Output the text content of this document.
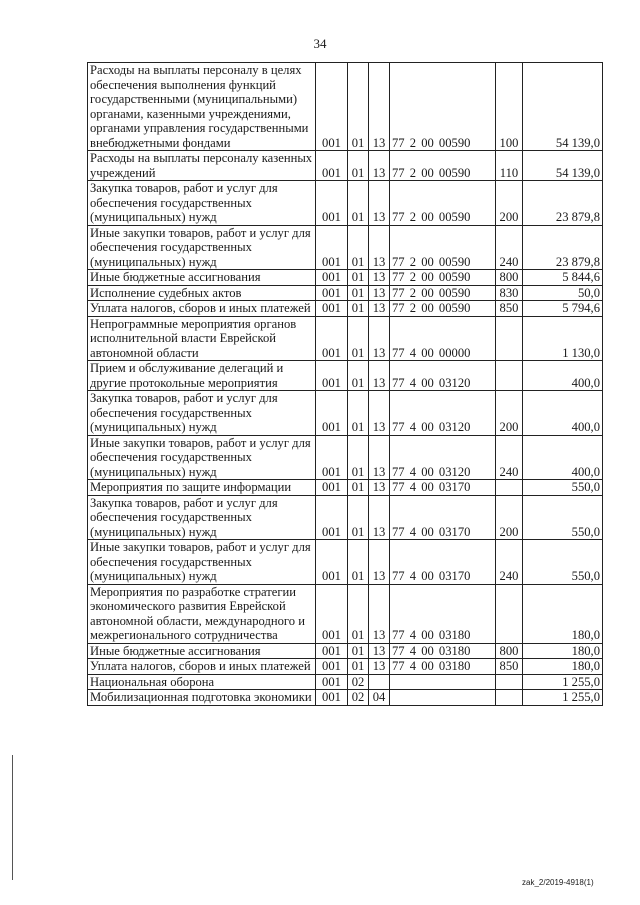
34
Расходы на выплаты персоналу в целях обеспечения выполнения функций государственными (муниципальными) органами, казенными учреждениями, органами управления государственными внебюджетными фондами	001	01	13	77 2 00 00590	100	54 139,0
Расходы на выплаты персоналу казенных учреждений	001	01	13	77 2 00 00590	110	54 139,0
Закупка товаров, работ и услуг для обеспечения государственных (муниципальных) нужд	001	01	13	77 2 00 00590	200	23 879,8
Иные закупки товаров, работ и услуг для обеспечения государственных (муниципальных) нужд	001	01	13	77 2 00 00590	240	23 879,8
Иные бюджетные ассигнования	001	01	13	77 2 00 00590	800	5 844,6
Исполнение судебных актов	001	01	13	77 2 00 00590	830	50,0
Уплата налогов, сборов и иных платежей	001	01	13	77 2 00 00590	850	5 794,6
Непрограммные мероприятия органов исполнительной власти Еврейской автономной области	001	01	13	77 4 00 00000		1 130,0
Прием и обслуживание делегаций и другие протокольные мероприятия	001	01	13	77 4 00 03120		400,0
Закупка товаров, работ и услуг для обеспечения государственных (муниципальных) нужд	001	01	13	77 4 00 03120	200	400,0
Иные закупки товаров, работ и услуг для обеспечения государственных (муниципальных) нужд	001	01	13	77 4 00 03120	240	400,0
Мероприятия по защите информации	001	01	13	77 4 00 03170		550,0
Закупка товаров, работ и услуг для обеспечения государственных (муниципальных) нужд	001	01	13	77 4 00 03170	200	550,0
Иные закупки товаров, работ и услуг для обеспечения государственных (муниципальных) нужд	001	01	13	77 4 00 03170	240	550,0
Мероприятия по разработке стратегии экономического развития Еврейской автономной области, международного и межрегионального сотрудничества	001	01	13	77 4 00 03180		180,0
Иные бюджетные ассигнования	001	01	13	77 4 00 03180	800	180,0
Уплата налогов, сборов и иных платежей	001	01	13	77 4 00 03180	850	180,0
Национальная оборона	001	02				1 255,0
Мобилизационная подготовка экономики	001	02	04			1 255,0
zak_2/2019-4918(1)
